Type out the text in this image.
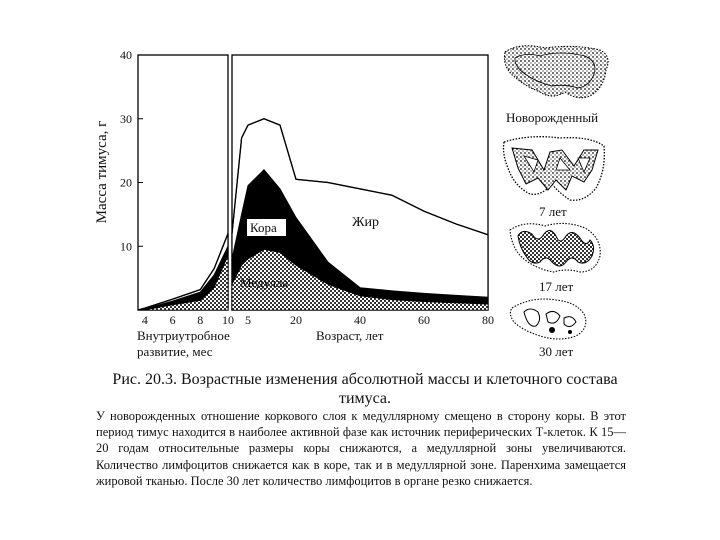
Масса тимуса, г
10
20
30
40
4 6 8 10 5	20	40	60	80
Кора
Медулла
Жир
Внутриутробное
развитие, мес
Возраст, лет
Новорожденный
7 лет
17 лет
30 лет
Рис. 20.3. Возрастные изменения абсолютной массы и клеточного состава тимуса.

У новорожденных отношение коркового слоя к медуллярному смещено в сторону коры. В этот период тимус находится в наиболее активной фазе как источник периферических Т-клеток. К 15—20 годам относительные размеры коры снижаются, а медуллярной зоны увеличиваются. Количество лимфоцитов снижается как в коре, так и в медуллярной зоне. Паренхима замещается жировой тканью. После 30 лет количество лимфоцитов в органе резко снижается.
